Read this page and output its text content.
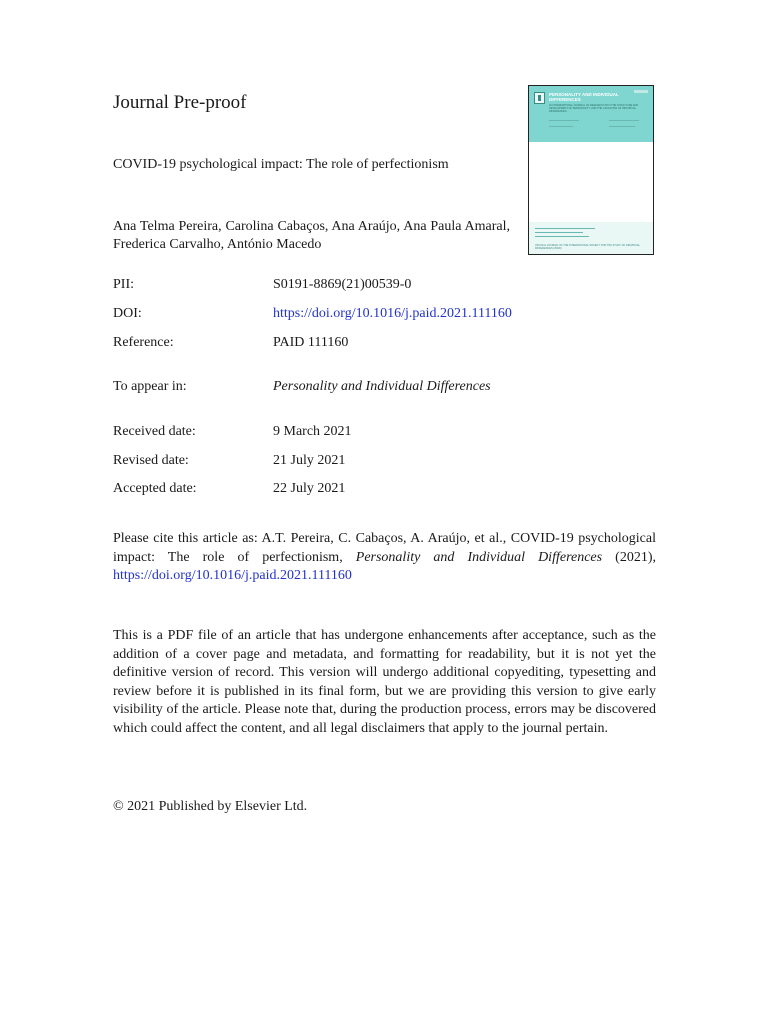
Journal Pre-proof	PERSONALITY AND INDIVIDUAL DIFFERENCES
AN INTERNATIONAL JOURNAL OF RESEARCH INTO THE STRUCTURE AND DEVELOPMENT OF PERSONALITY, AND THE CAUSATION OF INDIVIDUAL DIFFERENCES
OFFICIAL JOURNAL OF THE INTERNATIONAL SOCIETY FOR THE STUDY OF INDIVIDUAL DIFFERENCES (ISSID)
COVID-19 psychological impact: The role of perfectionism
Ana Telma Pereira, Carolina Cabaços, Ana Araújo, Ana Paula Amaral, Frederica Carvalho, António Macedo
PII:	S0191-8869(21)00539-0
DOI:	https://doi.org/10.1016/j.paid.2021.111160
Reference:	PAID 111160
To appear in:	Personality and Individual Differences
Received date:	9 March 2021
Revised date:	21 July 2021
Accepted date:	22 July 2021
Please cite this article as: A.T. Pereira, C. Cabaços, A. Araújo, et al., COVID-19 psychological impact: The role of perfectionism, Personality and Individual Differences (2021), https://doi.org/10.1016/j.paid.2021.111160
This is a PDF file of an article that has undergone enhancements after acceptance, such as the addition of a cover page and metadata, and formatting for readability, but it is not yet the definitive version of record. This version will undergo additional copyediting, typesetting and review before it is published in its final form, but we are providing this version to give early visibility of the article. Please note that, during the production process, errors may be discovered which could affect the content, and all legal disclaimers that apply to the journal pertain.
© 2021 Published by Elsevier Ltd.
